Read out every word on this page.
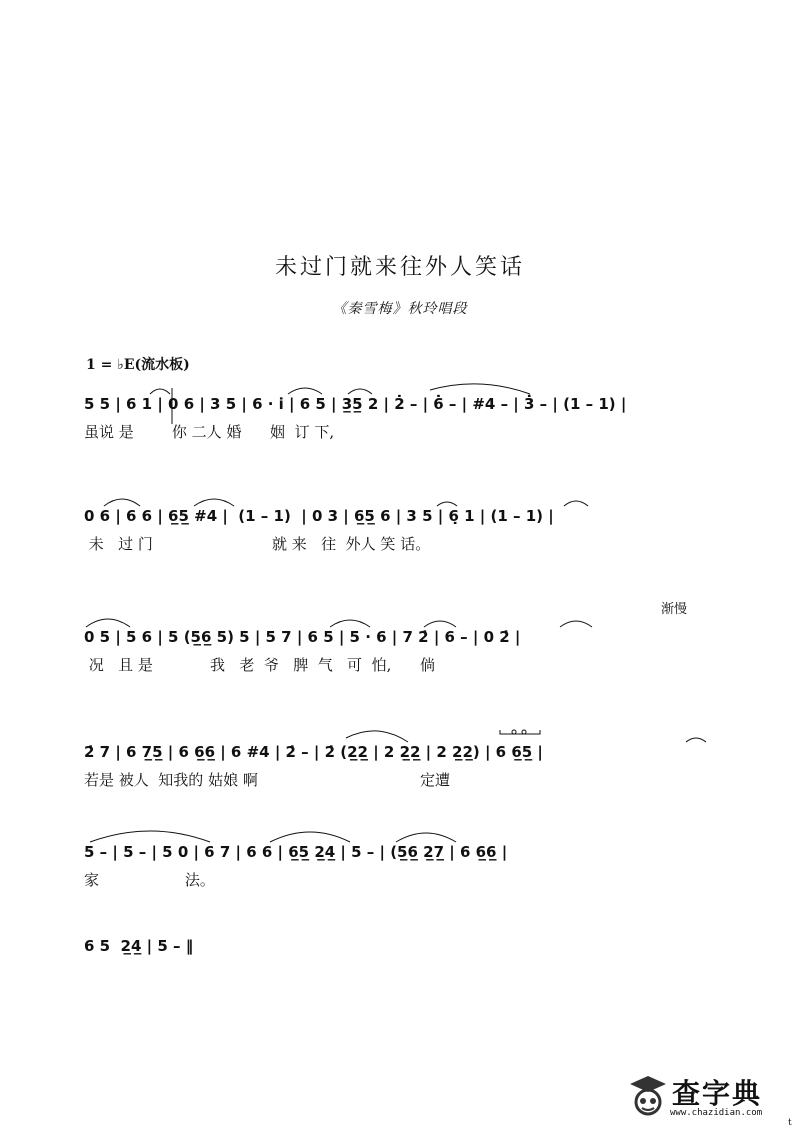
未过门就来往外人笑话
《秦雪梅》秋玲唱段
1 = ♭E(流水板)
5 5 | 6 1 | 0 6 | 3 5 | 6 · i̇ | 6 5 | 3̲5̲ 2 | 2̇ – | 6̇ – | #4 – | 3̇ – | (1 – 1) |
虽说 是        你 二人 婚      姻  订 下,
0 6 | 6 6 | 6̲5̲ #4 |  (1 – 1)  | 0 3 | 6̲5̲ 6 | 3 5 | 6̣ 1 | (1 – 1) |
未   过 门                         就 来   往  外人 笑 话。
渐慢
0 5 | 5 6 | 5 (5̲6̲ 5) 5 | 5 7 | 6 5 | 5 · 6 | 7 2̇ | 6 – | 0 2̇ |
况   且 是            我   老  爷   脾  气   可  怕,      倘
2̇ 7 | 6 7̲5̲ | 6 6̲6̲ | 6 #4 | 2̇ – | 2̇ (2̲2̲ | 2 2̲2̲ | 2 2̲2̲) | 6 6̲5̲ |
若是 被人  知我的 姑娘 啊                                  定遭
5 – | 5 – | 5 0 | 6 7 | 6 6 | 6̲5̲ 2̲4̲ | 5 – | (5̲6̲ 2̲7̲ | 6 6̲6̲ |
家                  法。
6 5  2̲4̲ | 5 – ‖
查字典
www.chazidian.com
t
